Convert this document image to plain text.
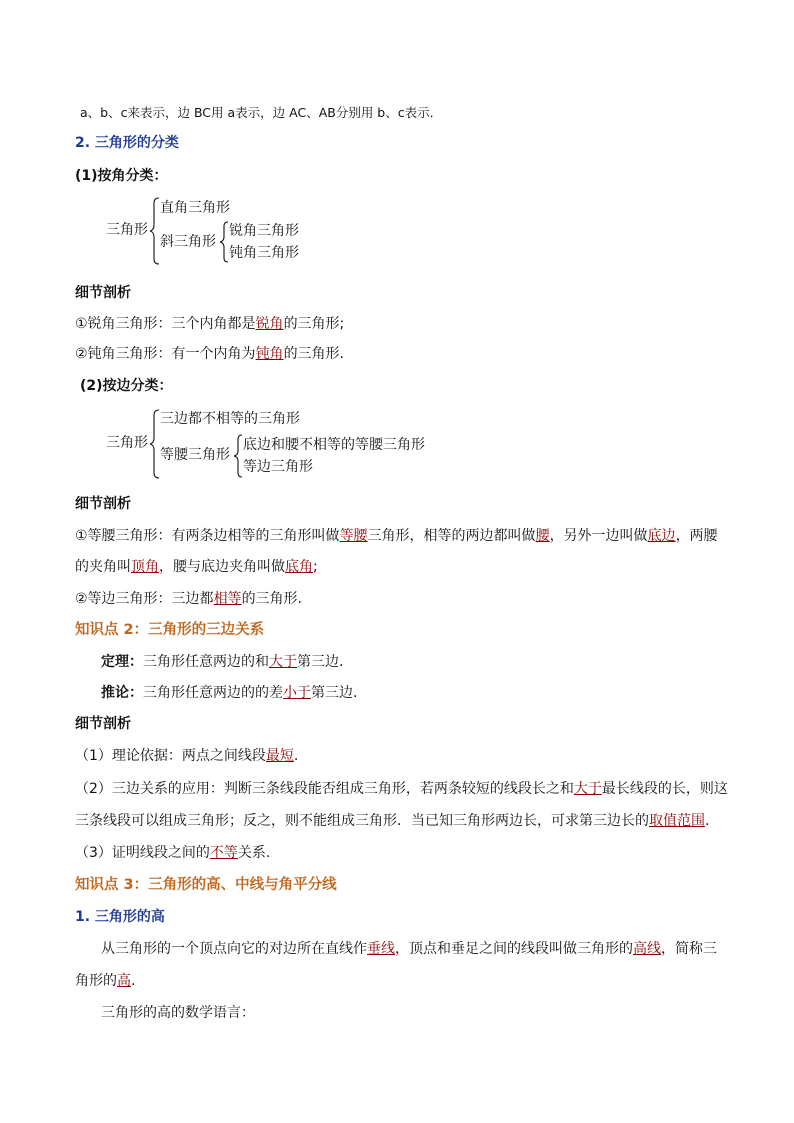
a、b、c来表示，边 BC用 a表示，边 AC、AB分别用 b、c表示．
2. 三角形的分类
(1)按角分类：
三角形
直角三角形
斜三角形
锐角三角形
钝角三角形
细节剖析
①锐角三角形：三个内角都是锐角的三角形;
②钝角三角形：有一个内角为钝角的三角形.
(2)按边分类：
三角形
三边都不相等的三角形
等腰三角形
底边和腰不相等的等腰三角形
等边三角形
细节剖析
①等腰三角形：有两条边相等的三角形叫做等腰三角形，相等的两边都叫做腰，另外一边叫做底边，两腰
的夹角叫顶角，腰与底边夹角叫做底角;
②等边三角形：三边都相等的三角形.
知识点 2：三角形的三边关系
定理：三角形任意两边的和大于第三边.
推论：三角形任意两边的的差小于第三边.
细节剖析
（1）理论依据：两点之间线段最短.
（2）三边关系的应用：判断三条线段能否组成三角形，若两条较短的线段长之和大于最长线段的长，则这
三条线段可以组成三角形；反之，则不能组成三角形．当已知三角形两边长，可求第三边长的取值范围.
（3）证明线段之间的不等关系.
知识点 3：三角形的高、中线与角平分线
1. 三角形的高
从三角形的一个顶点向它的对边所在直线作垂线，顶点和垂足之间的线段叫做三角形的高线，简称三
角形的高.
三角形的高的数学语言：
